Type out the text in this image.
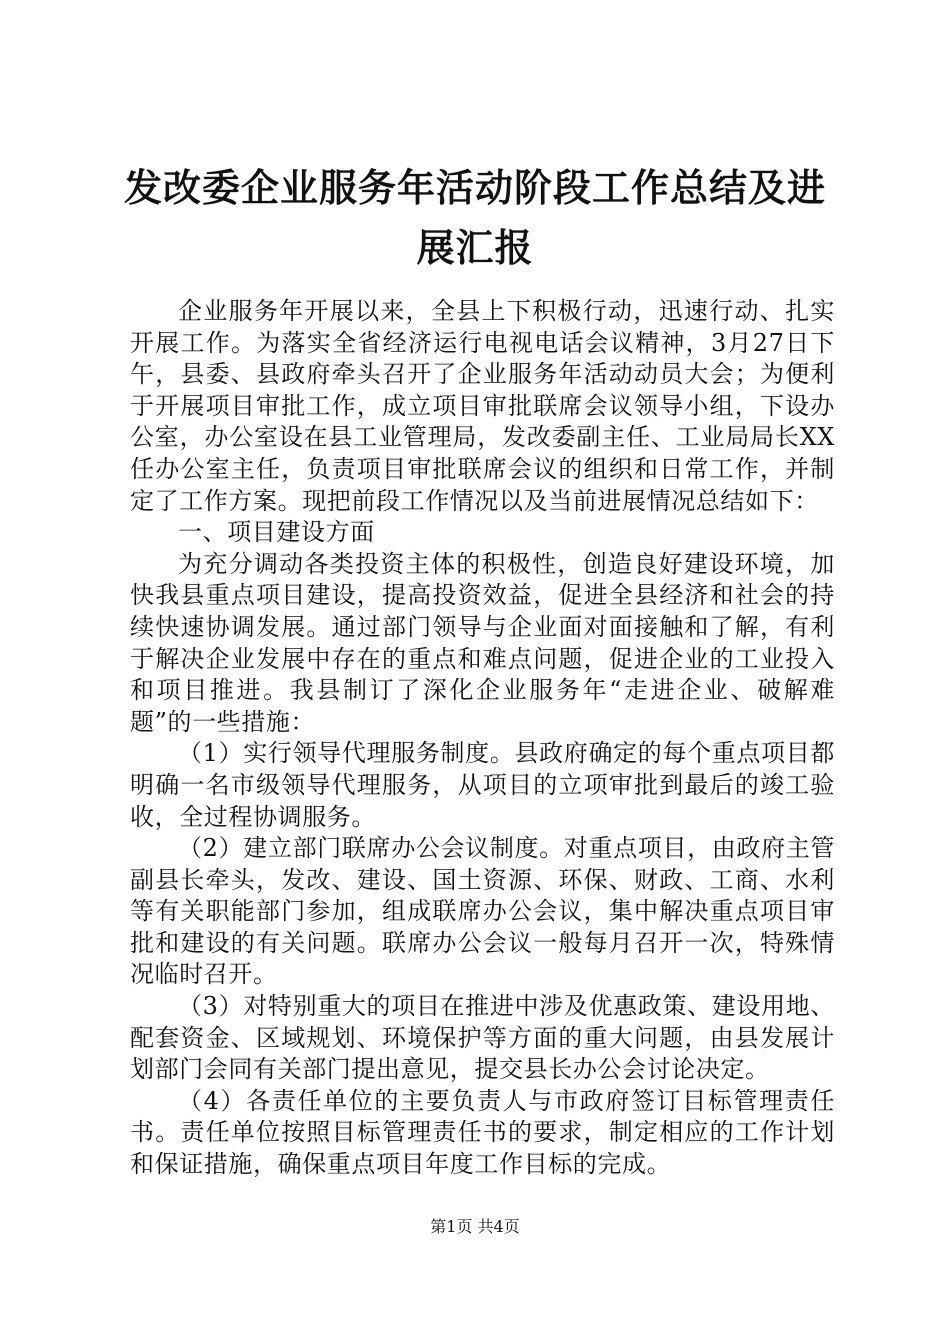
发改委企业服务年活动阶段工作总结及进展汇报

企业服务年开展以来，全县上下积极行动，迅速行动、扎实开展工作。为落实全省经济运行电视电话会议精神，3月27日下午，县委、县政府牵头召开了企业服务年活动动员大会；为便利于开展项目审批工作，成立项目审批联席会议领导小组，下设办公室，办公室设在县工业管理局，发改委副主任、工业局局长XX任办公室主任，负责项目审批联席会议的组织和日常工作，并制定了工作方案。现把前段工作情况以及当前进展情况总结如下：

一、项目建设方面

为充分调动各类投资主体的积极性，创造良好建设环境，加快我县重点项目建设，提高投资效益，促进全县经济和社会的持续快速协调发展。通过部门领导与企业面对面接触和了解，有利于解决企业发展中存在的重点和难点问题，促进企业的工业投入和项目推进。我县制订了深化企业服务年“走进企业、破解难题”的一些措施：

（1）实行领导代理服务制度。县政府确定的每个重点项目都明确一名市级领导代理服务，从项目的立项审批到最后的竣工验收，全过程协调服务。

（2）建立部门联席办公会议制度。对重点项目，由政府主管副县长牵头，发改、建设、国土资源、环保、财政、工商、水利等有关职能部门参加，组成联席办公会议，集中解决重点项目审批和建设的有关问题。联席办公会议一般每月召开一次，特殊情况临时召开。

（3）对特别重大的项目在推进中涉及优惠政策、建设用地、配套资金、区域规划、环境保护等方面的重大问题，由县发展计划部门会同有关部门提出意见，提交县长办公会讨论决定。

（4）各责任单位的主要负责人与市政府签订目标管理责任书。责任单位按照目标管理责任书的要求，制定相应的工作计划和保证措施，确保重点项目年度工作目标的完成。

第1页 共4页
